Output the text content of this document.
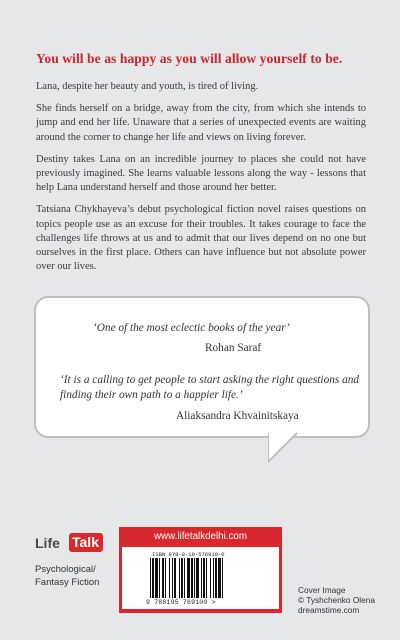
You will be as happy as you will allow yourself to be.

Lana, despite her beauty and youth, is tired of living.

She finds herself on a bridge, away from the city, from which she intends to jump and end her life. Unaware that a series of unexpected events are waiting around the corner to change her life and views on living forever.

Destiny takes Lana on an incredible journey to places she could not have previously imagined. She learns valuable lessons along the way - lessons that help Lana understand herself and those around her better.

Tatsiana Chykhayeva’s debut psychological fiction novel raises questions on topics people use as an excuse for their troubles. It takes courage to face the challenges life throws at us and to admit that our lives depend on no one but ourselves in the first place. Others can have influence but not absolute power over our lives.

‘One of the most eclectic books of the year’
Rohan Saraf
‘It is a calling to get people to start asking the right questions and finding their own path to a happier life.’
Aliaksandra Khvainitskaya
Life Talk
Psychological/ Fantasy Fiction
www.lifetalkdelhi.com
ISBN 978-8-19-576910-0
9 788195 769100 >
Cover Image
© Tyshchenko Olena
dreamstime.com
